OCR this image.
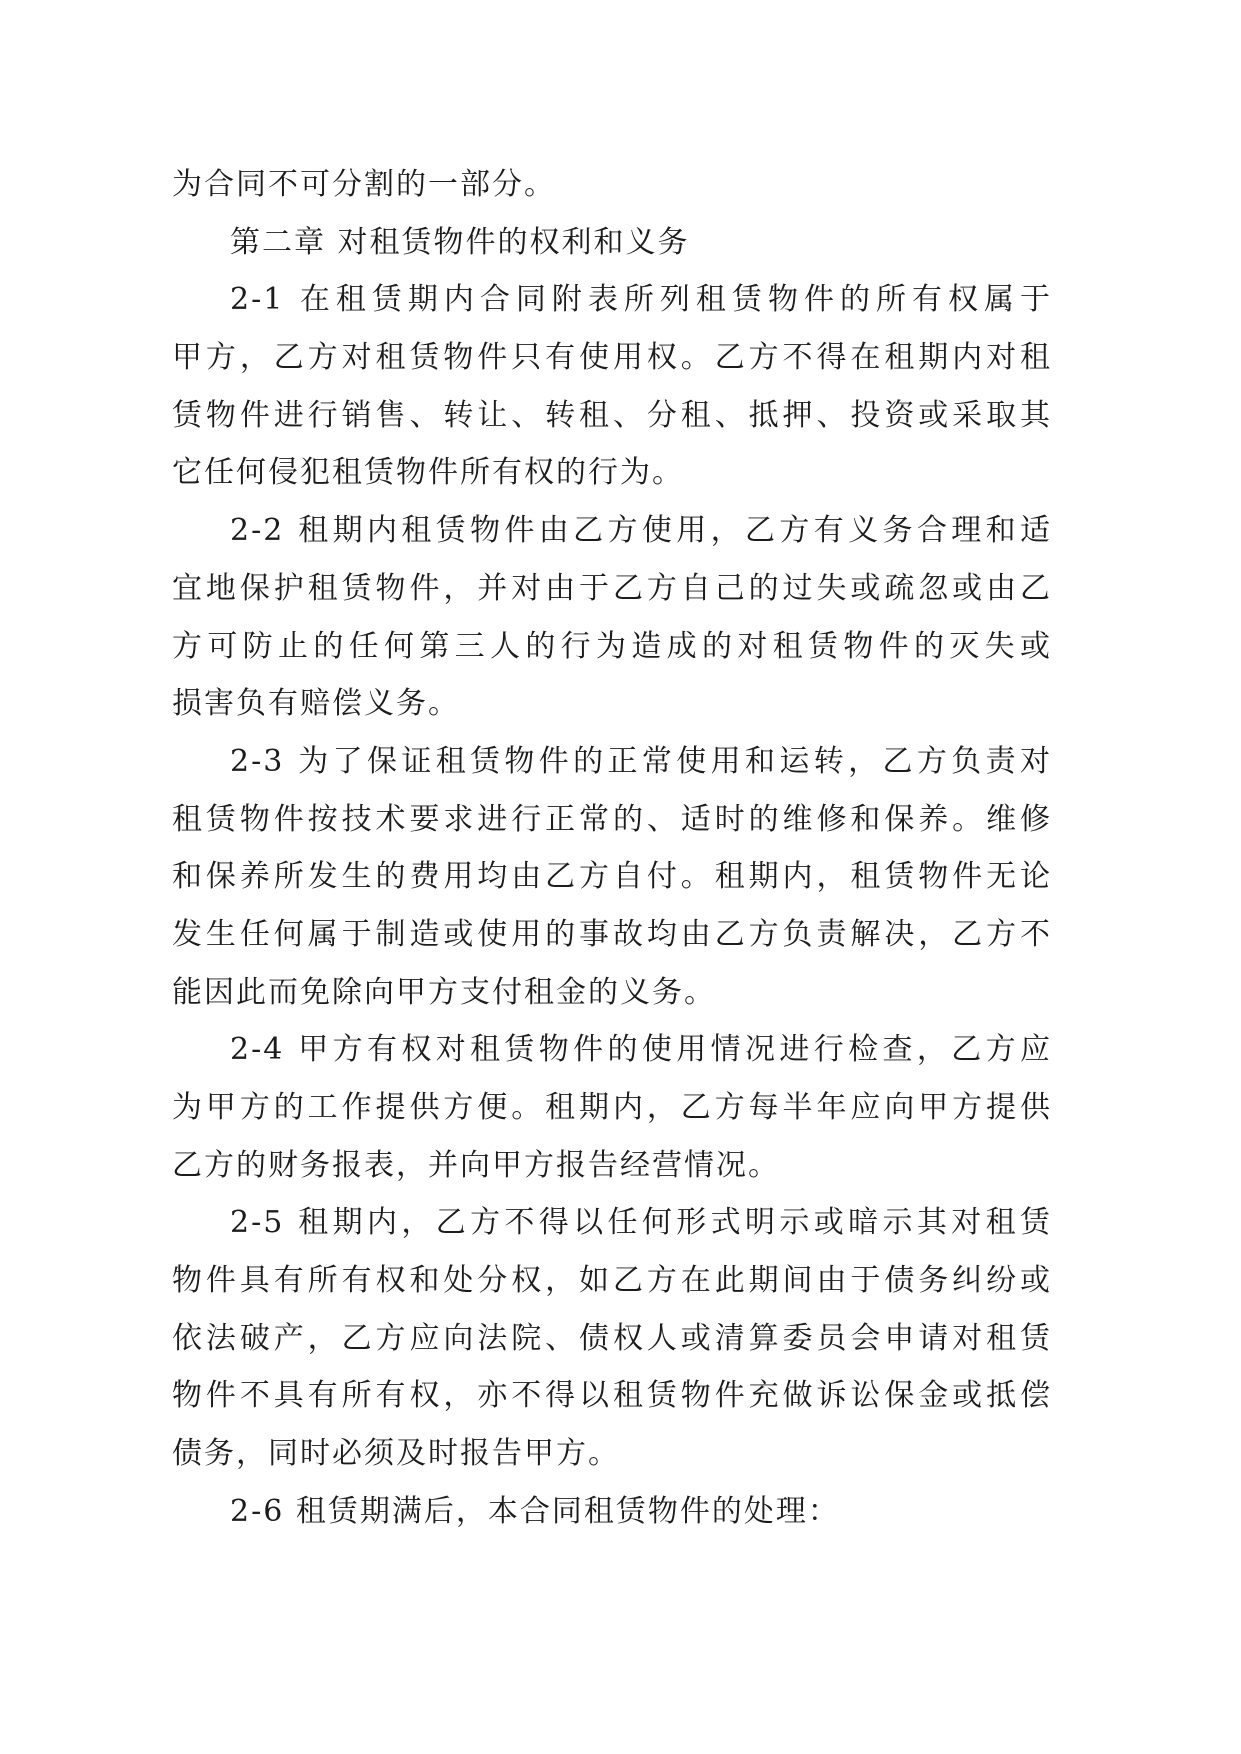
为合同不可分割的一部分。
第二章 对租赁物件的权利和义务
2-1 在租赁期内合同附表所列租赁物件的所有权属于
甲方，乙方对租赁物件只有使用权。乙方不得在租期内对租
赁物件进行销售、转让、转租、分租、抵押、投资或采取其
它任何侵犯租赁物件所有权的行为。
2-2 租期内租赁物件由乙方使用，乙方有义务合理和适
宜地保护租赁物件，并对由于乙方自己的过失或疏忽或由乙
方可防止的任何第三人的行为造成的对租赁物件的灭失或
损害负有赔偿义务。
2-3 为了保证租赁物件的正常使用和运转，乙方负责对
租赁物件按技术要求进行正常的、适时的维修和保养。维修
和保养所发生的费用均由乙方自付。租期内，租赁物件无论
发生任何属于制造或使用的事故均由乙方负责解决，乙方不
能因此而免除向甲方支付租金的义务。
2-4 甲方有权对租赁物件的使用情况进行检查，乙方应
为甲方的工作提供方便。租期内，乙方每半年应向甲方提供
乙方的财务报表，并向甲方报告经营情况。
2-5 租期内，乙方不得以任何形式明示或暗示其对租赁
物件具有所有权和处分权，如乙方在此期间由于债务纠纷或
依法破产，乙方应向法院、债权人或清算委员会申请对租赁
物件不具有所有权，亦不得以租赁物件充做诉讼保金或抵偿
债务，同时必须及时报告甲方。
2-6 租赁期满后，本合同租赁物件的处理：
